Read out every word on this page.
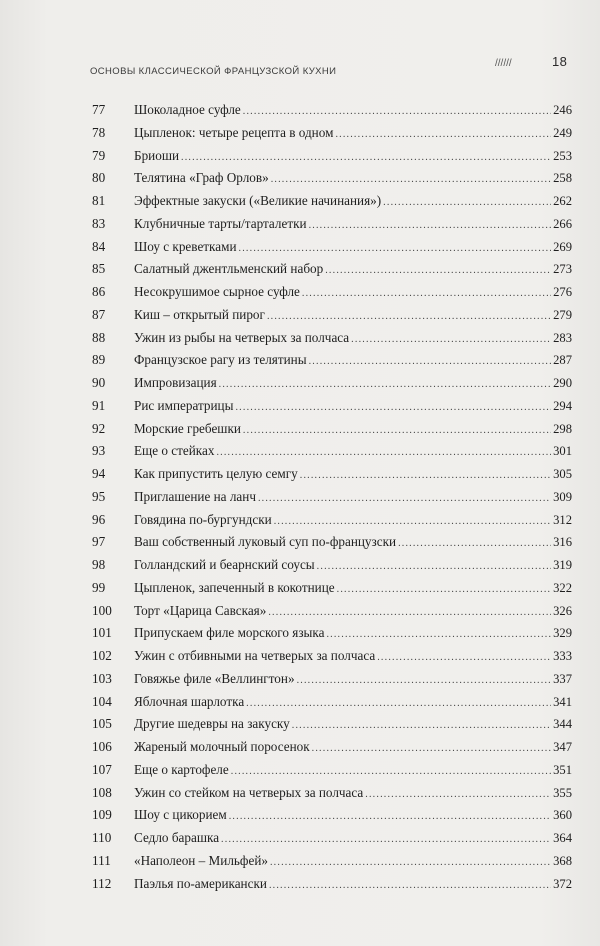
ОСНОВЫ КЛАССИЧЕСКОЙ ФРАНЦУЗСКОЙ КУХНИ
//////	18
77	Шоколадное суфле .....	246
78	Цыпленок: четыре рецепта в одном .....	249
79	Бриоши .....	253
80	Телятина «Граф Орлов» .....	258
81	Эффектные закуски («Великие начинания») .....	262
83	Клубничные тарты/тарталетки .....	266
84	Шоу с креветками .....	269
85	Салатный джентльменский набор .....	273
86	Несокрушимое сырное суфле .....	276
87	Киш – открытый пирог .....	279
88	Ужин из рыбы на четверых за полчаса .....	283
89	Французское рагу из телятины .....	287
90	Импровизация .....	290
91	Рис императрицы .....	294
92	Морские гребешки .....	298
93	Еще о стейках .....	301
94	Как припустить целую семгу .....	305
95	Приглашение на ланч .....	309
96	Говядина по-бургундски .....	312
97	Ваш собственный луковый суп по-французски .....	316
98	Голландский и беарнский соусы .....	319
99	Цыпленок, запеченный в кокотнице .....	322
100	Торт «Царица Савская» .....	326
101	Припускаем филе морского языка .....	329
102	Ужин с отбивными на четверых за полчаса .....	333
103	Говяжье филе «Веллингтон» .....	337
104	Яблочная шарлотка .....	341
105	Другие шедевры на закуску .....	344
106	Жареный молочный поросенок .....	347
107	Еще о картофеле .....	351
108	Ужин со стейком на четверых за полчаса .....	355
109	Шоу с цикорием .....	360
110	Седло барашка .....	364
111	«Наполеон – Мильфей» .....	368
112	Паэлья по-американски .....	372
